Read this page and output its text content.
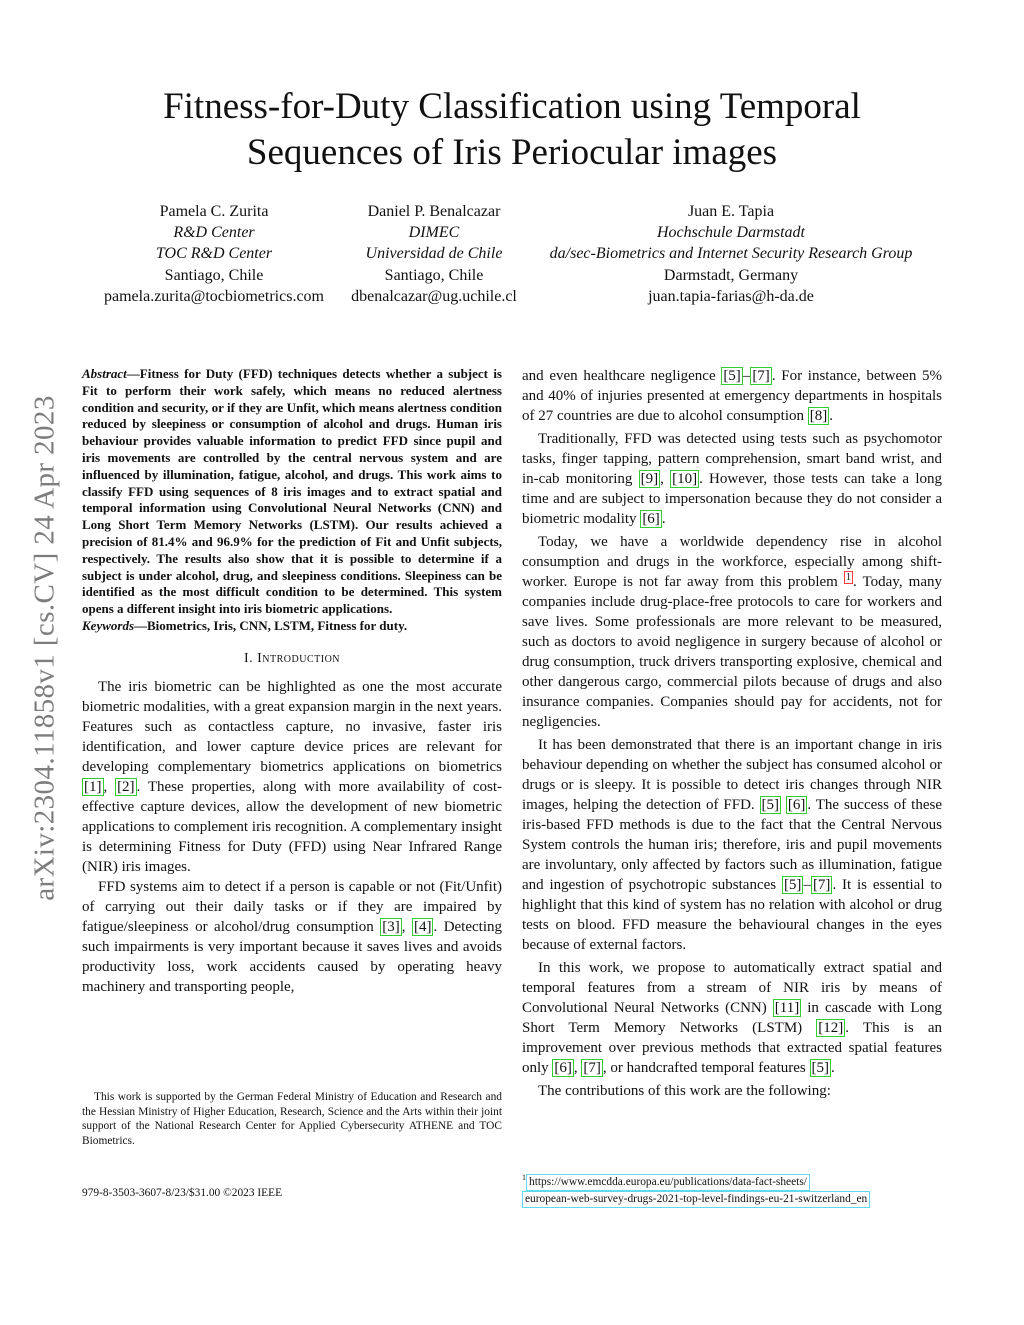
arXiv:2304.11858v1 [cs.CV] 24 Apr 2023
Fitness-for-Duty Classification using Temporal
Sequences of Iris Periocular images
Pamela C. Zurita
R&D Center
TOC R&D Center
Santiago, Chile
pamela.zurita@tocbiometrics.com
Daniel P. Benalcazar
DIMEC
Universidad de Chile
Santiago, Chile
dbenalcazar@ug.uchile.cl
Juan E. Tapia
Hochschule Darmstadt
da/sec-Biometrics and Internet Security Research Group
Darmstadt, Germany
juan.tapia-farias@h-da.de

Abstract—Fitness for Duty (FFD) techniques detects whether a subject is Fit to perform their work safely, which means no reduced alertness condition and security, or if they are Unfit, which means alertness condition reduced by sleepiness or consumption of alcohol and drugs. Human iris behaviour provides valuable information to predict FFD since pupil and iris movements are controlled by the central nervous system and are influenced by illumination, fatigue, alcohol, and drugs. This work aims to classify FFD using sequences of 8 iris images and to extract spatial and temporal information using Convolutional Neural Networks (CNN) and Long Short Term Memory Networks (LSTM). Our results achieved a precision of 81.4% and 96.9% for the prediction of Fit and Unfit subjects, respectively. The results also show that it is possible to determine if a subject is under alcohol, drug, and sleepiness conditions. Sleepiness can be identified as the most difficult condition to be determined. This system opens a different insight into iris biometric applications.

Keywords—Biometrics, Iris, CNN, LSTM, Fitness for duty.

I. Introduction

The iris biometric can be highlighted as one the most accurate biometric modalities, with a great expansion margin in the next years. Features such as contactless capture, no invasive, faster iris identification, and lower capture device prices are relevant for developing complementary biometrics applications on biometrics [1] , [2] . These properties, along with more availability of cost-effective capture devices, allow the development of new biometric applications to complement iris recognition. A complementary insight is determining Fitness for Duty (FFD) using Near Infrared Range (NIR) iris images.

FFD systems aim to detect if a person is capable or not (Fit/Unfit) of carrying out their daily tasks or if they are impaired by fatigue/sleepiness or alcohol/drug consumption [3] , [4] . Detecting such impairments is very important because it saves lives and avoids productivity loss, work accidents caused by operating heavy machinery and transporting people,

and even healthcare negligence [5] – [7] . For instance, between 5% and 40% of injuries presented at emergency departments in hospitals of 27 countries are due to alcohol consumption [8] .

Traditionally, FFD was detected using tests such as psychomotor tasks, finger tapping, pattern comprehension, smart band wrist, and in-cab monitoring [9] , [10] . However, those tests can take a long time and are subject to impersonation because they do not consider a biometric modality [6] .

Today, we have a worldwide dependency rise in alcohol consumption and drugs in the workforce, especially among shift-worker. Europe is not far away from this problem $^1$ . Today, many companies include drug-place-free protocols to care for workers and save lives. Some professionals are more relevant to be measured, such as doctors to avoid negligence in surgery because of alcohol or drug consumption, truck drivers transporting explosive, chemical and other dangerous cargo, commercial pilots because of drugs and also insurance companies. Companies should pay for accidents, not for negligencies.

It has been demonstrated that there is an important change in iris behaviour depending on whether the subject has consumed alcohol or drugs or is sleepy. It is possible to detect iris changes through NIR images, helping the detection of FFD. [5] [6] . The success of these iris-based FFD methods is due to the fact that the Central Nervous System controls the human iris; therefore, iris and pupil movements are involuntary, only affected by factors such as illumination, fatigue and ingestion of psychotropic substances [5] – [7] . It is essential to highlight that this kind of system has no relation with alcohol or drug tests on blood. FFD measure the behavioural changes in the eyes because of external factors.

In this work, we propose to automatically extract spatial and temporal features from a stream of NIR iris by means of Convolutional Neural Networks (CNN) [11] in cascade with Long Short Term Memory Networks (LSTM) [12] . This is an improvement over previous methods that extracted spatial features only [6] , [7] , or handcrafted temporal features [5] .

The contributions of this work are the following:

This work is supported by the German Federal Ministry of Education and Research and the Hessian Ministry of Higher Education, Research, Science and the Arts within their joint support of the National Research Center for Applied Cybersecurity ATHENE and TOC Biometrics.
$^1$ https://www.emcdda.europa.eu/publications/data-fact-sheets/
european-web-survey-drugs-2021-top-level-findings-eu-21-switzerland_en
979-8-3503-3607-8/23/$31.00 ©2023 IEEE
